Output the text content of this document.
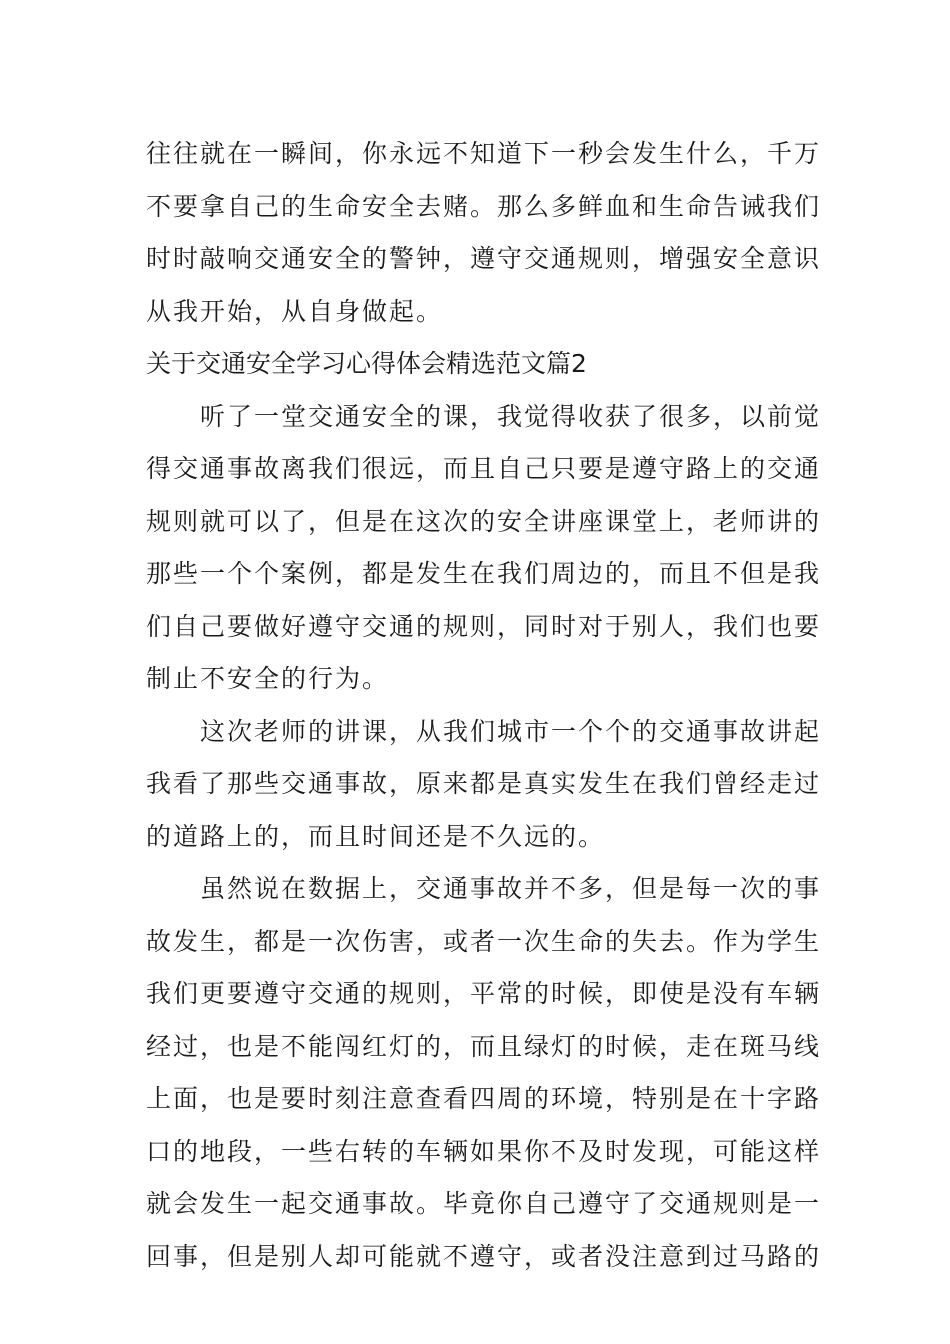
往往就在一瞬间，你永远不知道下一秒会发生什么，千万
不要拿自己的生命安全去赌。那么多鲜血和生命告诫我们
时时敲响交通安全的警钟，遵守交通规则，增强安全意识
从我开始，从自身做起。
关于交通安全学习心得体会精选范文篇2
听了一堂交通安全的课，我觉得收获了很多，以前觉
得交通事故离我们很远，而且自己只要是遵守路上的交通
规则就可以了，但是在这次的安全讲座课堂上，老师讲的
那些一个个案例，都是发生在我们周边的，而且不但是我
们自己要做好遵守交通的规则，同时对于别人，我们也要
制止不安全的行为。
这次老师的讲课，从我们城市一个个的交通事故讲起
我看了那些交通事故，原来都是真实发生在我们曾经走过
的道路上的，而且时间还是不久远的。
虽然说在数据上，交通事故并不多，但是每一次的事
故发生，都是一次伤害，或者一次生命的失去。作为学生
我们更要遵守交通的规则，平常的时候，即使是没有车辆
经过，也是不能闯红灯的，而且绿灯的时候，走在斑马线
上面，也是要时刻注意查看四周的环境，特别是在十字路
口的地段，一些右转的车辆如果你不及时发现，可能这样
就会发生一起交通事故。毕竟你自己遵守了交通规则是一
回事，但是别人却可能就不遵守，或者没注意到过马路的
